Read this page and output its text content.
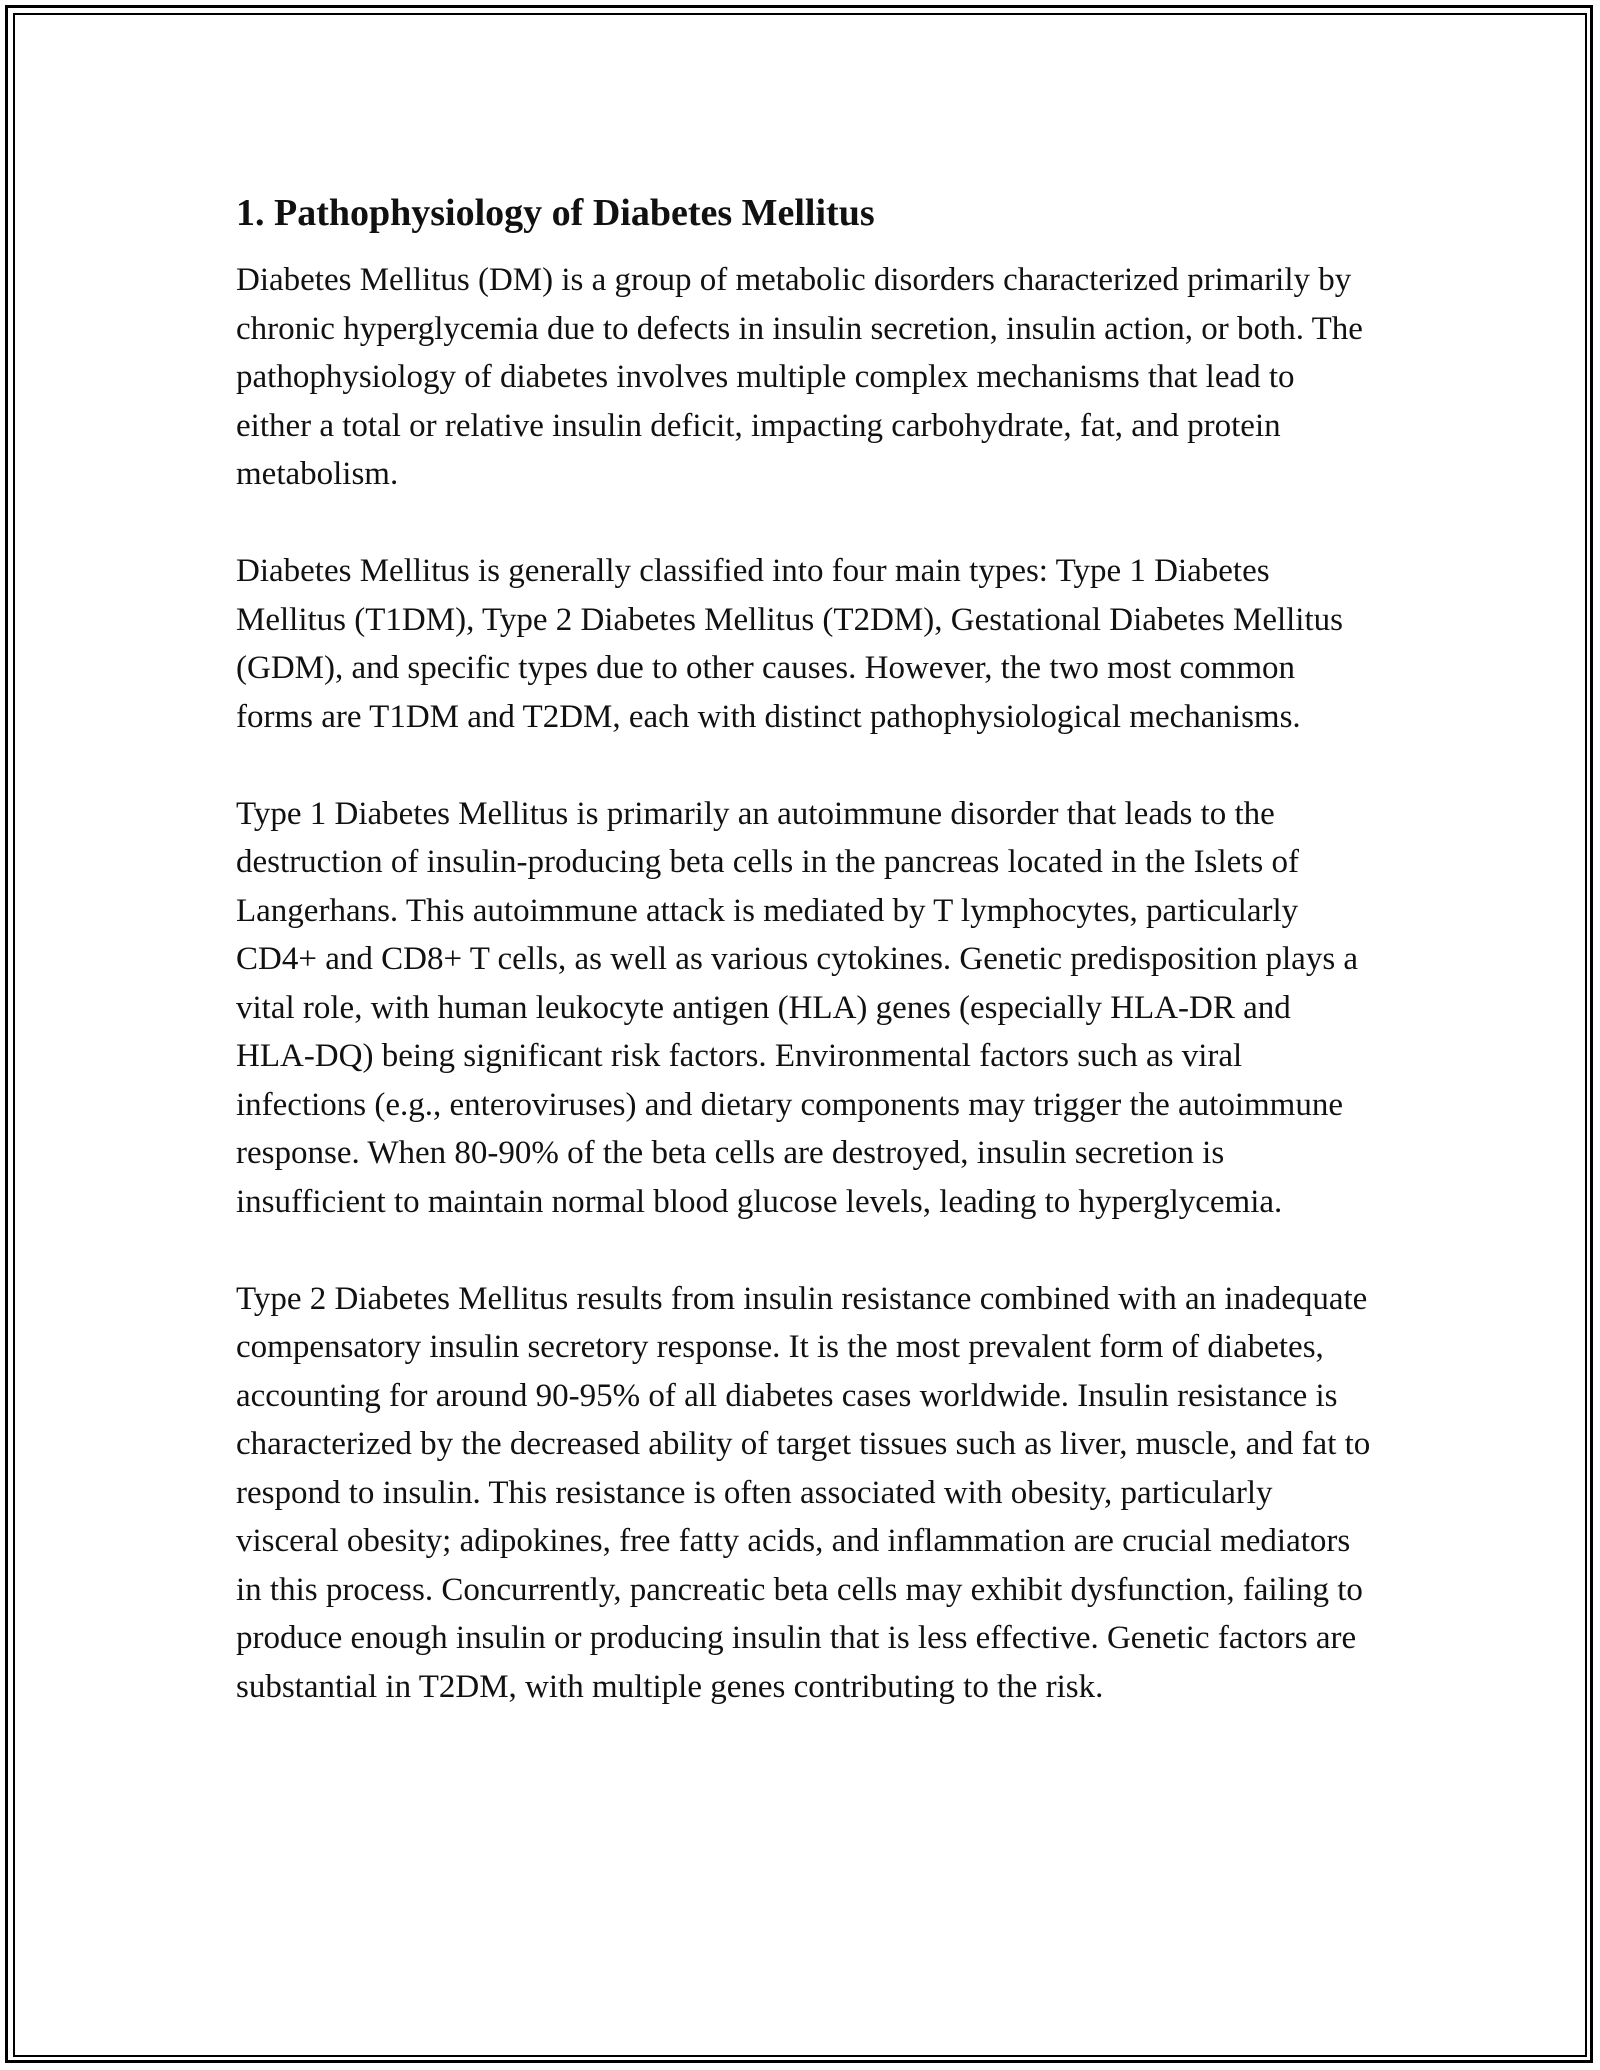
1. Pathophysiology of Diabetes Mellitus

Diabetes Mellitus (DM) is a group of metabolic disorders characterized primarily by chronic hyperglycemia due to defects in insulin secretion, insulin action, or both. The pathophysiology of diabetes involves multiple complex mechanisms that lead to either a total or relative insulin deficit, impacting carbohydrate, fat, and protein metabolism.

Diabetes Mellitus is generally classified into four main types: Type 1 Diabetes Mellitus (T1DM), Type 2 Diabetes Mellitus (T2DM), Gestational Diabetes Mellitus (GDM), and specific types due to other causes. However, the two most common forms are T1DM and T2DM, each with distinct pathophysiological mechanisms.

Type 1 Diabetes Mellitus is primarily an autoimmune disorder that leads to the destruction of insulin-producing beta cells in the pancreas located in the Islets of Langerhans. This autoimmune attack is mediated by T lymphocytes, particularly CD4+ and CD8+ T cells, as well as various cytokines. Genetic predisposition plays a vital role, with human leukocyte antigen (HLA) genes (especially HLA-DR and HLA-DQ) being significant risk factors. Environmental factors such as viral infections (e.g., enteroviruses) and dietary components may trigger the autoimmune response. When 80-90% of the beta cells are destroyed, insulin secretion is insufficient to maintain normal blood glucose levels, leading to hyperglycemia.

Type 2 Diabetes Mellitus results from insulin resistance combined with an inadequate compensatory insulin secretory response. It is the most prevalent form of diabetes, accounting for around 90-95% of all diabetes cases worldwide. Insulin resistance is characterized by the decreased ability of target tissues such as liver, muscle, and fat to respond to insulin. This resistance is often associated with obesity, particularly visceral obesity; adipokines, free fatty acids, and inflammation are crucial mediators in this process. Concurrently, pancreatic beta cells may exhibit dysfunction, failing to produce enough insulin or producing insulin that is less effective. Genetic factors are substantial in T2DM, with multiple genes contributing to the risk.
